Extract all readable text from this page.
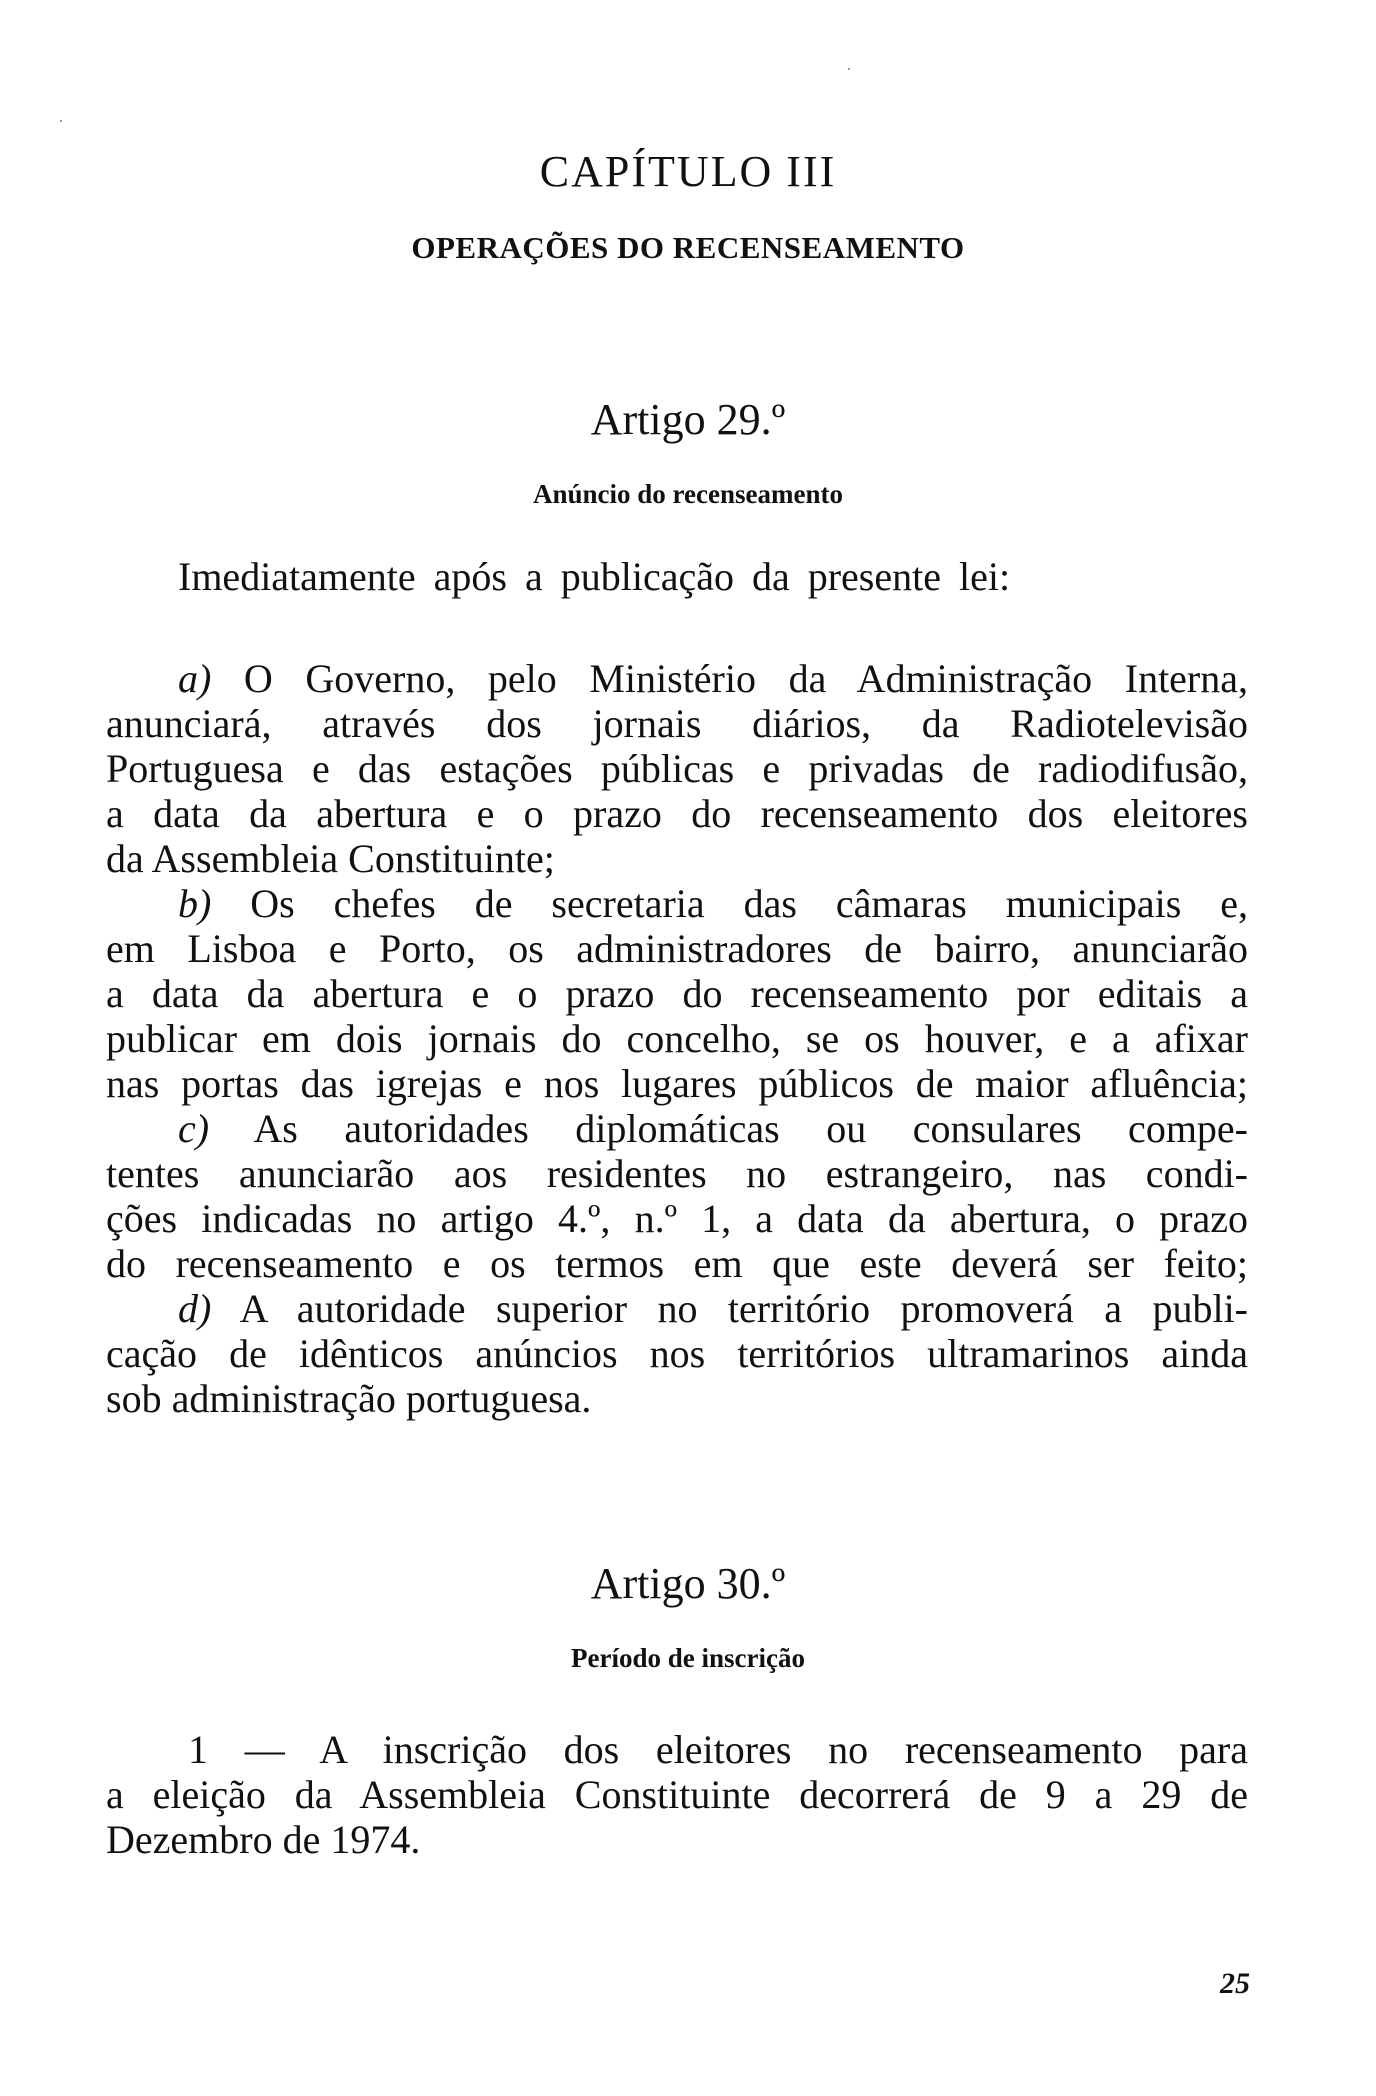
CAPÍTULO III
OPERAÇÕES DO RECENSEAMENTO
Artigo 29.º
Anúncio do recenseamento
Imediatamente após a publicação da presente lei:
a) O Governo, pelo Ministério da Administração Interna,
anunciará, através dos jornais diários, da Radiotelevisão
Portuguesa e das estações públicas e privadas de radiodifusão,
a data da abertura e o prazo do recenseamento dos eleitores
da Assembleia Constituinte;
b) Os chefes de secretaria das câmaras municipais e,
em Lisboa e Porto, os administradores de bairro, anunciarão
a data da abertura e o prazo do recenseamento por editais a
publicar em dois jornais do concelho, se os houver, e a afixar
nas portas das igrejas e nos lugares públicos de maior afluência;
c) As autoridades diplomáticas ou consulares compe-
tentes anunciarão aos residentes no estrangeiro, nas condi-
ções indicadas no artigo 4.º, n.º 1, a data da abertura, o prazo
do recenseamento e os termos em que este deverá ser feito;
d) A autoridade superior no território promoverá a publi-
cação de idênticos anúncios nos territórios ultramarinos ainda
sob administração portuguesa.
Artigo 30.º
Período de inscrição
1 — A inscrição dos eleitores no recenseamento para
a eleição da Assembleia Constituinte decorrerá de 9 a 29 de
Dezembro de 1974.
25
